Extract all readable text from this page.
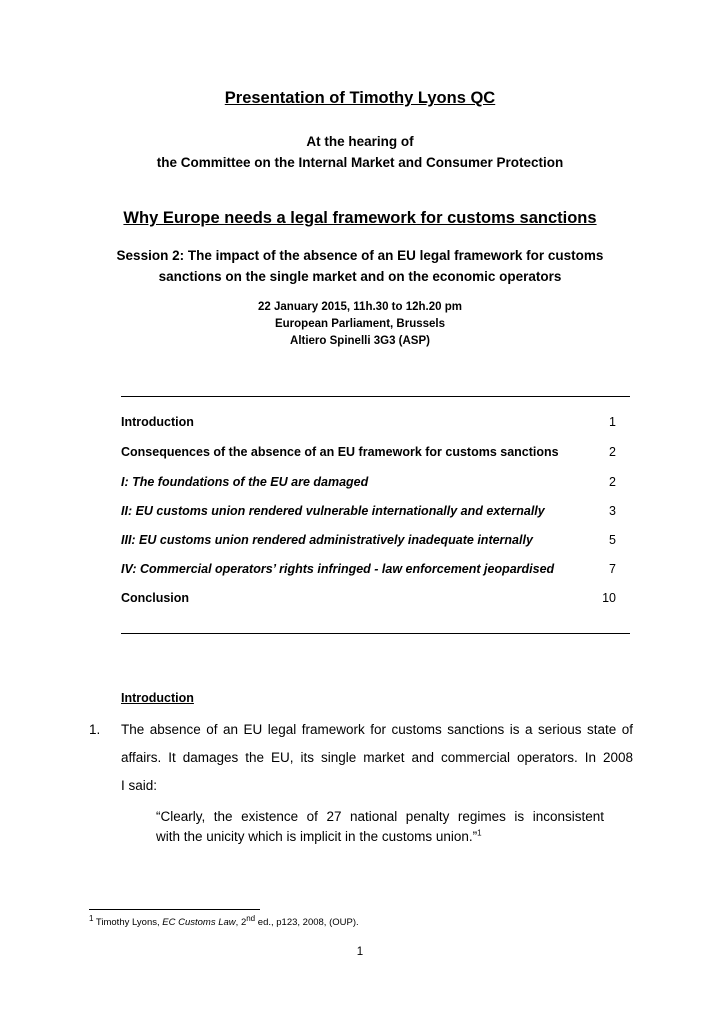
Presentation of Timothy Lyons QC
At the hearing of
the Committee on the Internal Market and Consumer Protection
Why Europe needs a legal framework for customs sanctions
Session 2: The impact of the absence of an EU legal framework for customs
sanctions on the single market and on the economic operators
22 January 2015, 11h.30 to 12h.20 pm
European Parliament, Brussels
Altiero Spinelli 3G3 (ASP)
Introduction	1
Consequences of the absence of an EU framework for customs sanctions	2
I: The foundations of the EU are damaged	2
II: EU customs union rendered vulnerable internationally and externally	3
III: EU customs union rendered administratively inadequate internally	5
IV: Commercial operators’ rights infringed - law enforcement jeopardised	7
Conclusion	10
Introduction
1. The absence of an EU legal framework for customs sanctions is a serious state of
affairs. It damages the EU, its single market and commercial operators. In 2008
I said:
“Clearly, the existence of 27 national penalty regimes is inconsistent
with the unicity which is implicit in the customs union.”$^1$
$^1$ Timothy Lyons, EC Customs Law, 2nd ed., p123, 2008, (OUP).
1
